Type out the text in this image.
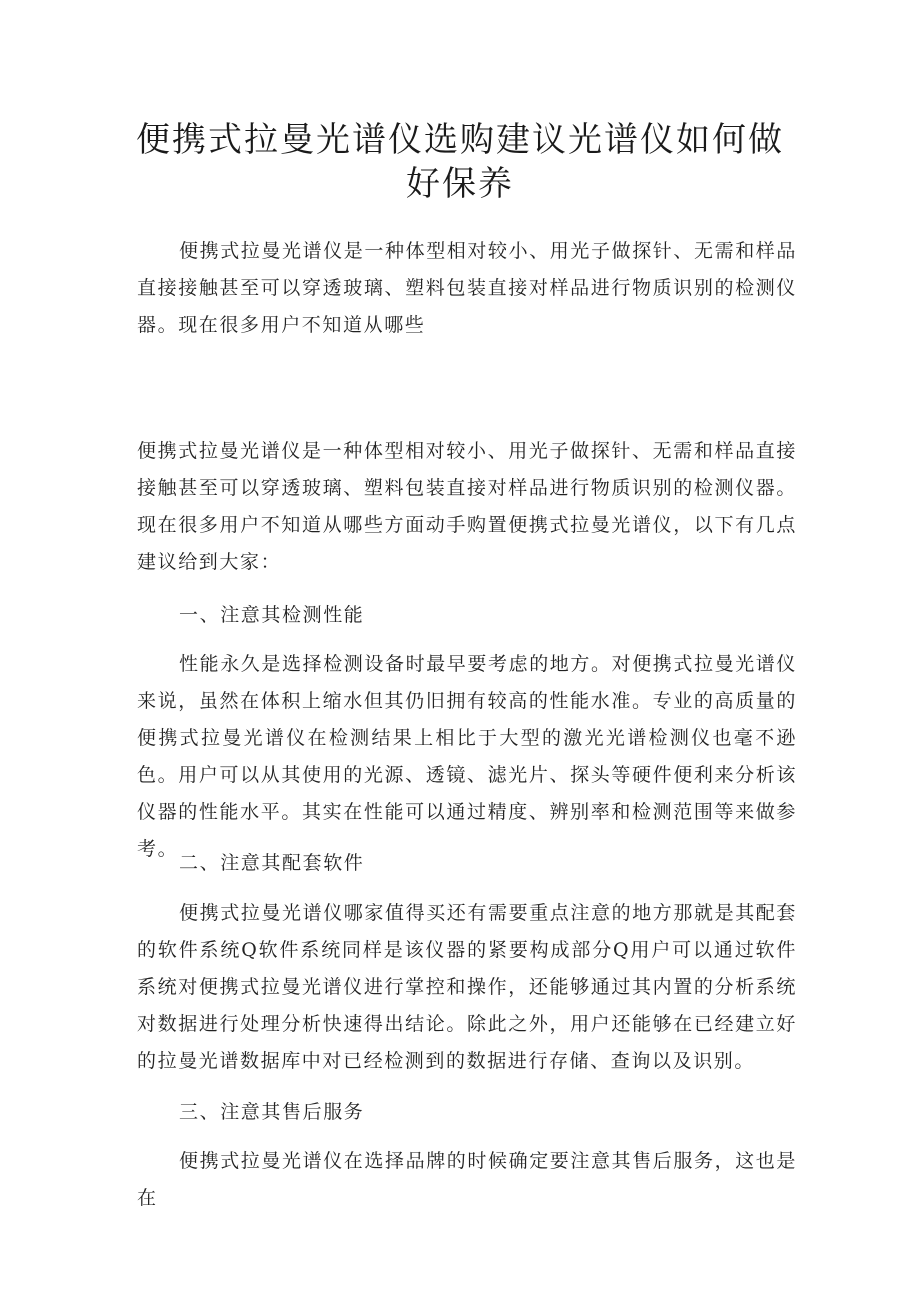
便携式拉曼光谱仪选购建议光谱仪如何做好保养

便携式拉曼光谱仪是一种体型相对较小、用光子做探针、无需和样品直接接触甚至可以穿透玻璃、塑料包装直接对样品进行物质识别的检测仪器。现在很多用户不知道从哪些

便携式拉曼光谱仪是一种体型相对较小、用光子做探针、无需和样品直接接触甚至可以穿透玻璃、塑料包装直接对样品进行物质识别的检测仪器。现在很多用户不知道从哪些方面动手购置便携式拉曼光谱仪，以下有几点建议给到大家：

一、注意其检测性能

性能永久是选择检测设备时最早要考虑的地方。对便携式拉曼光谱仪来说，虽然在体积上缩水但其仍旧拥有较高的性能水准。专业的高质量的便携式拉曼光谱仪在检测结果上相比于大型的激光光谱检测仪也毫不逊色。用户可以从其使用的光源、透镜、滤光片、探头等硬件便利来分析该仪器的性能水平。其实在性能可以通过精度、辨别率和检测范围等来做参考。

二、注意其配套软件

便携式拉曼光谱仪哪家值得买还有需要重点注意的地方那就是其配套的软件系统Q软件系统同样是该仪器的紧要构成部分Q用户可以通过软件系统对便携式拉曼光谱仪进行掌控和操作，还能够通过其内置的分析系统对数据进行处理分析快速得出结论。除此之外，用户还能够在已经建立好的拉曼光谱数据库中对已经检测到的数据进行存储、查询以及识别。

三、注意其售后服务

便携式拉曼光谱仪在选择品牌的时候确定要注意其售后服务，这也是在
